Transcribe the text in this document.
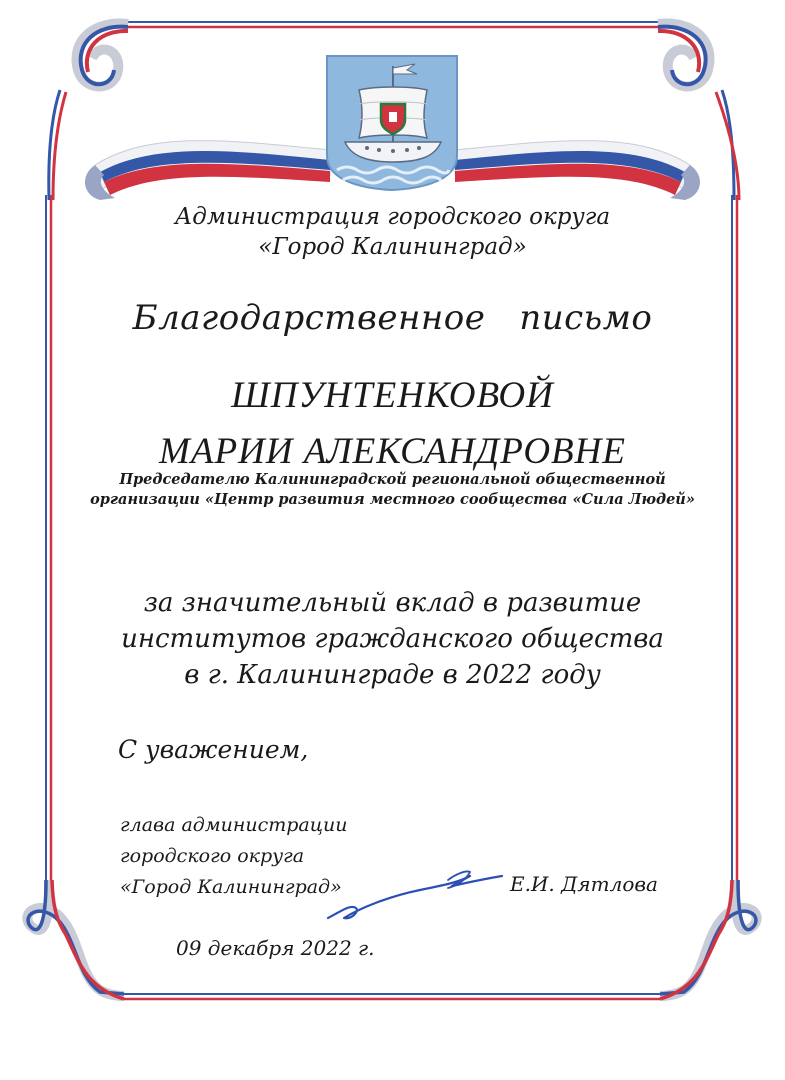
Администрация городского округа
«Город Калининград»
Благодарственное письмо
ШПУНТЕНКОВОЙ
МАРИИ АЛЕКСАНДРОВНЕ
Председателю Калининградской региональной общественной
организации «Центр развития местного сообщества «Сила Людей»
за значительный вклад в развитие
институтов гражданского общества
в г. Калининграде в 2022 году
С уважением,
глава администрации
городского округа
«Город Калининград»	Е.И. Дятлова
09 декабря 2022 г.
